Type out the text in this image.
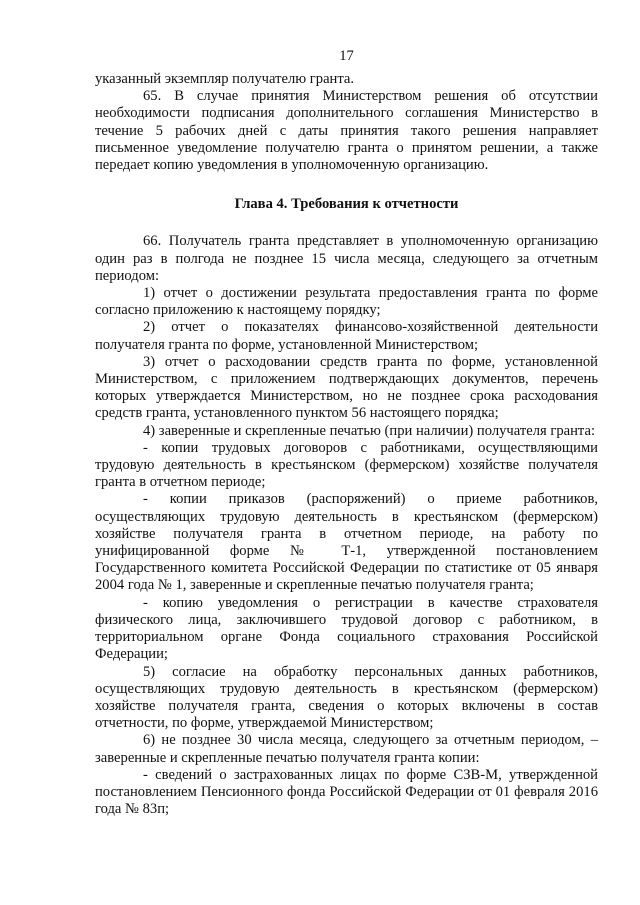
17

указанный экземпляр получателю гранта.

65. В случае принятия Министерством решения об отсутствии необходимости подписания дополнительного соглашения Министерство в течение 5 рабочих дней с даты принятия такого решения направляет письменное уведомление получателю гранта о принятом решении, а также передает копию уведомления в уполномоченную организацию.

Глава 4. Требования к отчетности

66. Получатель гранта представляет в уполномоченную организацию один раз в полгода не позднее 15 числа месяца, следующего за отчетным периодом:

1) отчет о достижении результата предоставления гранта по форме согласно приложению к настоящему порядку;

2) отчет о показателях финансово-хозяйственной деятельности получателя гранта по форме, установленной Министерством;

3) отчет о расходовании средств гранта по форме, установленной Министерством, с приложением подтверждающих документов, перечень которых утверждается Министерством, но не позднее срока расходования средств гранта, установленного пунктом 56 настоящего порядка;

4) заверенные и скрепленные печатью (при наличии) получателя гранта:

- копии трудовых договоров с работниками, осуществляющими трудовую деятельность в крестьянском (фермерском) хозяйстве получателя гранта в отчетном периоде;

- копии приказов (распоряжений) о приеме работников, осуществляющих трудовую деятельность в крестьянском (фермерском) хозяйстве получателя гранта в отчетном периоде, на работу по унифицированной форме № Т-1, утвержденной постановлением Государственного комитета Российской Федерации по статистике от 05 января 2004 года № 1, заверенные и скрепленные печатью получателя гранта;

- копию уведомления о регистрации в качестве страхователя физического лица, заключившего трудовой договор с работником, в территориальном органе Фонда социального страхования Российской Федерации;

5) согласие на обработку персональных данных работников, осуществляющих трудовую деятельность в крестьянском (фермерском) хозяйстве получателя гранта, сведения о которых включены в состав отчетности, по форме, утверждаемой Министерством;

6) не позднее 30 числа месяца, следующего за отчетным периодом, – заверенные и скрепленные печатью получателя гранта копии:

- сведений о застрахованных лицах по форме СЗВ-М, утвержденной постановлением Пенсионного фонда Российской Федерации от 01 февраля 2016 года № 83п;
